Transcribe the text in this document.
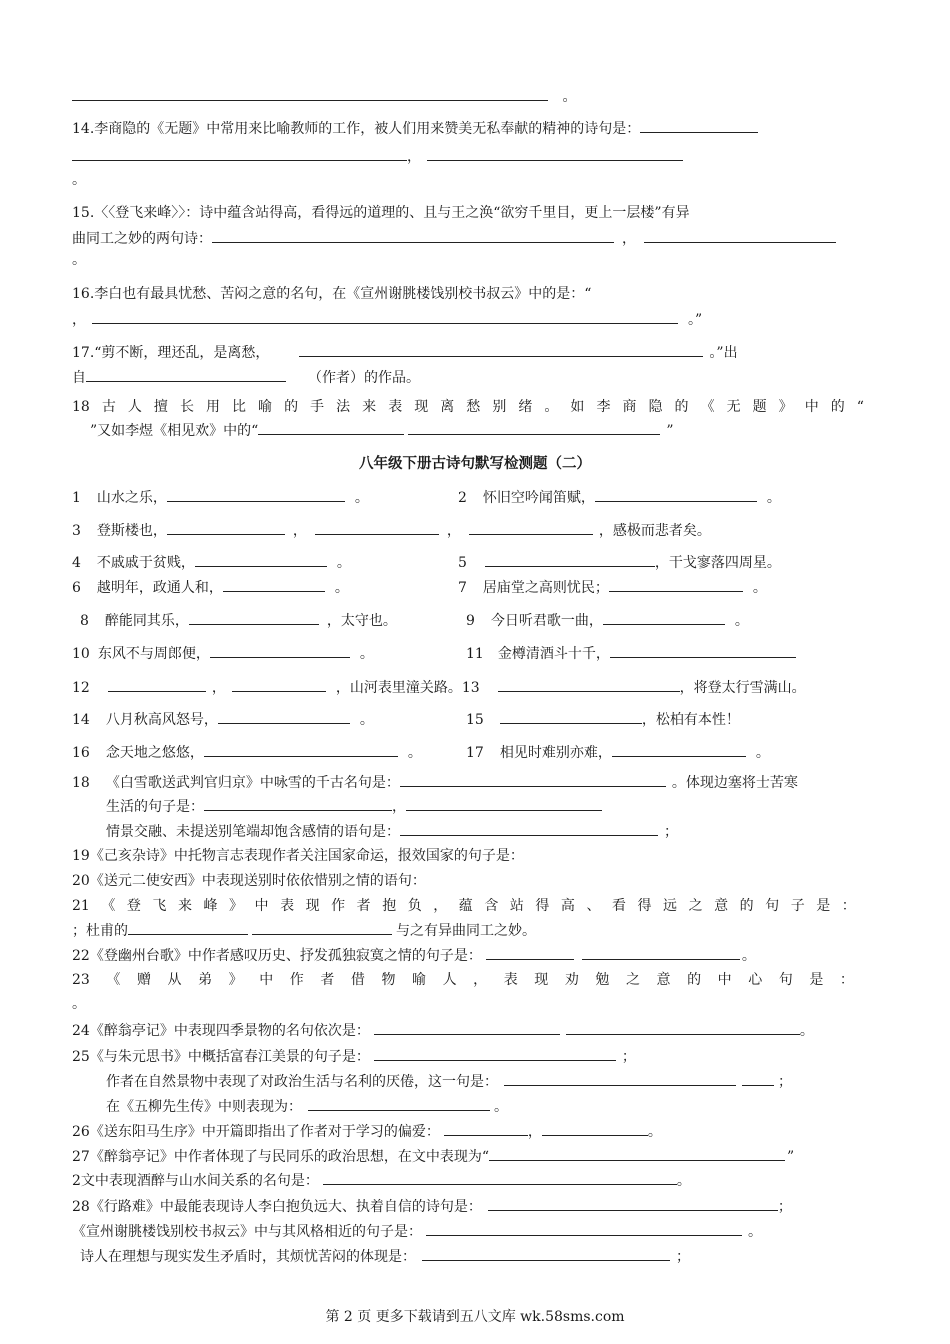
。
14.李商隐的《无题》中常用来比喻教师的工作，被人们用来赞美无私奉献的精神的诗句是：
，
。
15.〈〈登飞来峰〉〉：诗中蕴含站得高，看得远的道理的、且与王之涣“欲穷千里目，更上一层楼”有异
曲同工之妙的两句诗：	，
。
16.李白也有最具忧愁、苦闷之意的名句，在《宣州谢朓楼饯别校书叔云》中的是：“
，	。”
17.“剪不断，理还乱，是离愁，	。”出
自	（作者）的作品。
18 古 人 擅 长 用 比 喻 的 手 法 来 表 现 离 愁 别 绪 。 如 李 商 隐 的 《 无 题 》 中 的 “
”又如李煜《相见欢》中的“	”
八年级下册古诗句默写检测题（二）
1 山水之乐，	。	2 怀旧空吟闻笛赋，	。
3 登斯楼也，	，	，	，感极而悲者矣。
4 不戚戚于贫贱，	。	5	，干戈寥落四周星。
6 越明年，政通人和，	。	7 居庙堂之高则忧民；	。
8 醉能同其乐，	，太守也。	9 今日听君歌一曲，	。
10 东风不与周郎便，	。	11 金樽清酒斗十千，
12	，	，山河表里潼关路。13	，将登太行雪满山。
14 八月秋高风怒号，	。	15	，松柏有本性！
16 念天地之悠悠，	。	17 相见时难别亦难，	。
18 《白雪歌送武判官归京》中咏雪的千古名句是：	。体现边塞将士苦寒
生活的句子是：	，
情景交融、未提送别笔端却饱含感情的语句是：	；
19《己亥杂诗》中托物言志表现作者关注国家命运，报效国家的句子是：
20《送元二使安西》中表现送别时依依惜别之情的语句：
21 《 登 飞 来 峰 》 中 表 现 作 者 抱 负 ， 蕴 含 站 得 高 、 看 得 远 之 意 的 句 子 是 ：
；杜甫的	与之有异曲同工之妙。
22《登幽州台歌》中作者感叹历史、抒发孤独寂寞之情的句子是：	。
23 《 赠 从 弟 》 中 作 者 借 物 喻 人 ， 表 现 劝 勉 之 意 的 中 心 句 是 ：
。
24《醉翁亭记》中表现四季景物的名句依次是：	。
25《与朱元思书》中概括富春江美景的句子是：	；
作者在自然景物中表现了对政治生活与名利的厌倦，这一句是：	；
在《五柳先生传》中则表现为：	。
26《送东阳马生序》中开篇即指出了作者对于学习的偏爱：	，	。
27《醉翁亭记》中作者体现了与民同乐的政治思想，在文中表现为“	”
2文中表现酒醉与山水间关系的名句是：	。
28《行路难》中最能表现诗人李白抱负远大、执着自信的诗句是：	；
《宣州谢朓楼饯别校书叔云》中与其风格相近的句子是：	。
诗人在理想与现实发生矛盾时，其烦忧苦闷的体现是：	；
第 2 页 更多下载请到五八文库 wk.58sms.com
